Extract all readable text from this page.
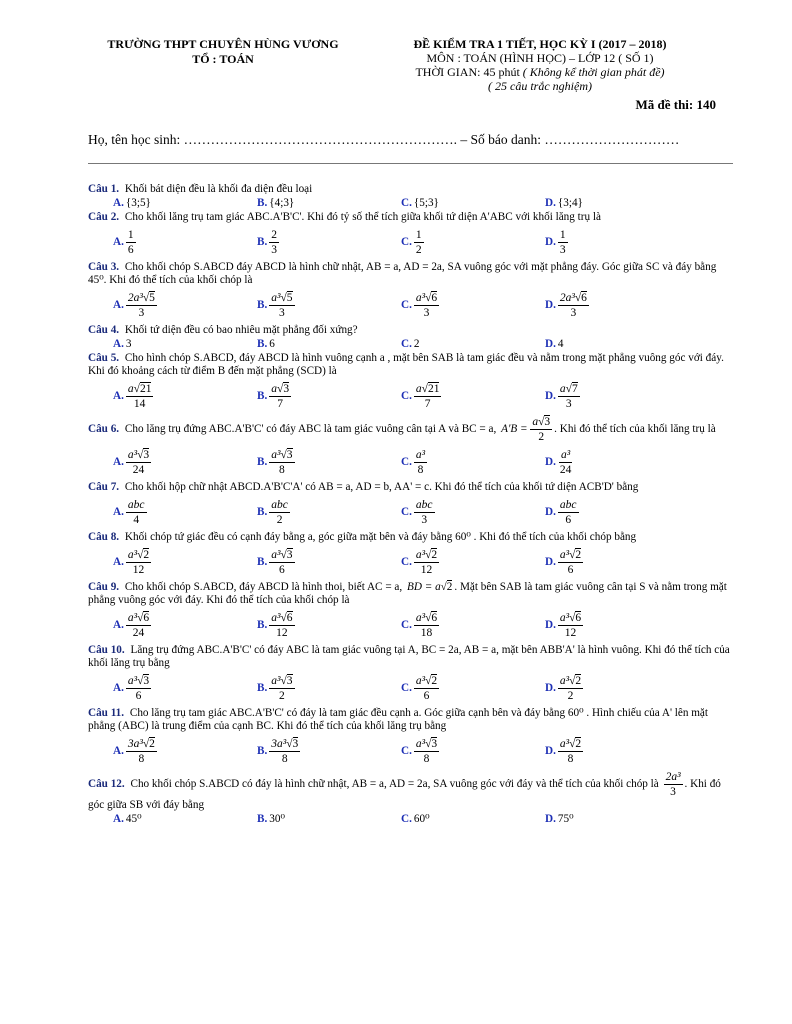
TRƯỜNG THPT CHUYÊN HÙNG VƯƠNG
TỔ : TOÁN
ĐỀ KIỂM TRA 1 TIẾT, HỌC KỲ I (2017 – 2018)
MÔN : TOÁN (HÌNH HỌC) – LỚP 12 ( SỐ 1)
THỜI GIAN: 45 phút ( Không kể thời gian phát đề)
( 25 câu trắc nghiệm)
Mã đề thi: 140
Họ, tên học sinh: ……………………………………………………. – Số báo danh: …………………………
Câu 1. Khối bát diện đều là khối đa diện đều loại
A. {3;5}	B. {4;3}	C. {5;3}	D. {3;4}
Câu 2. Cho khối lăng trụ tam giác ABC.A'B'C'. Khi đó tỷ số thể tích giữa khối tứ diện A'ABC với khối lăng trụ là
A. $\frac{1}{6}$	B. $\frac{2}{3}$	C. $\frac{1}{2}$	D. $\frac{1}{3}$
Câu 3. Cho khối chóp S.ABCD đáy ABCD là hình chữ nhật, AB = a, AD = 2a, SA vuông góc với mặt phẳng đáy. Góc giữa SC và đáy bằng 45⁰. Khi đó thể tích của khối chóp là
A. $\frac{\text{2a³√5}}{3}$	B. $\frac{\text{a³√5}}{3}$	C. $\frac{\text{a³√6}}{3}$	D. $\frac{\text{2a³√6}}{3}$
Câu 4. Khối tứ diện đều có bao nhiêu mặt phẳng đối xứng?
A. 3	B. 6	C. 2	D. 4
Câu 5. Cho hình chóp S.ABCD, đáy ABCD là hình vuông cạnh a , mặt bên SAB là tam giác đều và nằm trong mặt phẳng vuông góc với đáy. Khi đó khoảng cách từ điểm B đến mặt phẳng (SCD) là
A. $\frac{a√21}{14}$	B. $\frac{a√3}{7}$	C. $\frac{a√21}{7}$	D. $\frac{a√7}{3}$
Câu 6. Cho lăng trụ đứng ABC.A'B'C' có đáy ABC là tam giác vuông cân tại A và BC = a, $A'B = \frac{a√3}{2}$ . Khi đó thể tích của khối lăng trụ là
A. $\frac{\text{a³√3}}{24}$	B. $\frac{\text{a³√3}}{8}$	C. $\frac{\text{a³}}{8}$	D. $\frac{\text{a³}}{24}$
Câu 7. Cho khối hộp chữ nhật ABCD.A'B'C'A' có AB = a, AD = b, AA' = c. Khi đó thể tích của khối tứ diện ACB'D' bằng
A. $\frac{\text{abc}}{4}$	B. $\frac{\text{abc}}{2}$	C. $\frac{\text{abc}}{3}$	D. $\frac{\text{abc}}{6}$
Câu 8. Khối chóp tứ giác đều có cạnh đáy bằng a, góc giữa mặt bên và đáy bằng 60⁰ . Khi đó thể tích của khối chóp bằng
A. $\frac{\text{a³√2}}{12}$	B. $\frac{\text{a³√3}}{6}$	C. $\frac{\text{a³√2}}{12}$	D. $\frac{\text{a³√2}}{6}$
Câu 9. Cho khối chóp S.ABCD, đáy ABCD là hình thoi, biết AC = a, BD = a√2 . Mặt bên SAB là tam giác vuông cân tại S và nằm trong mặt phẳng vuông góc với đáy. Khi đó thể tích của khối chóp là
A. $\frac{\text{a³√6}}{24}$	B. $\frac{\text{a³√6}}{12}$	C. $\frac{\text{a³√6}}{18}$	D. $\frac{\text{a³√6}}{12}$
Câu 10. Lăng trụ đứng ABC.A'B'C' có đáy ABC là tam giác vuông tại A, BC = 2a, AB = a, mặt bên ABB'A' là hình vuông. Khi đó thể tích của khối lăng trụ bằng
A. $\frac{\text{a³√3}}{6}$	B. $\frac{\text{a³√3}}{2}$	C. $\frac{\text{a³√2}}{6}$	D. $\frac{\text{a³√2}}{2}$
Câu 11. Cho lăng trụ tam giác ABC.A'B'C' có đáy là tam giác đều cạnh a. Góc giữa cạnh bên và đáy bằng 60⁰ . Hình chiếu của A' lên mặt phẳng (ABC) là trung điểm của cạnh BC. Khi đó thể tích của khối lăng trụ bằng
A. $\frac{\text{3a³√2}}{8}$	B. $\frac{\text{3a³√3}}{8}$	C. $\frac{\text{a³√3}}{8}$	D. $\frac{\text{a³√2}}{8}$
Câu 12. Cho khối chóp S.ABCD có đáy là hình chữ nhật, AB = a, AD = 2a, SA vuông góc với đáy và thể tích của khối chóp là $\frac{\text{2a³}}{3}$ . Khi đó góc giữa SB với đáy bằng
A. 45⁰	B. 30⁰	C. 60⁰	D. 75⁰
